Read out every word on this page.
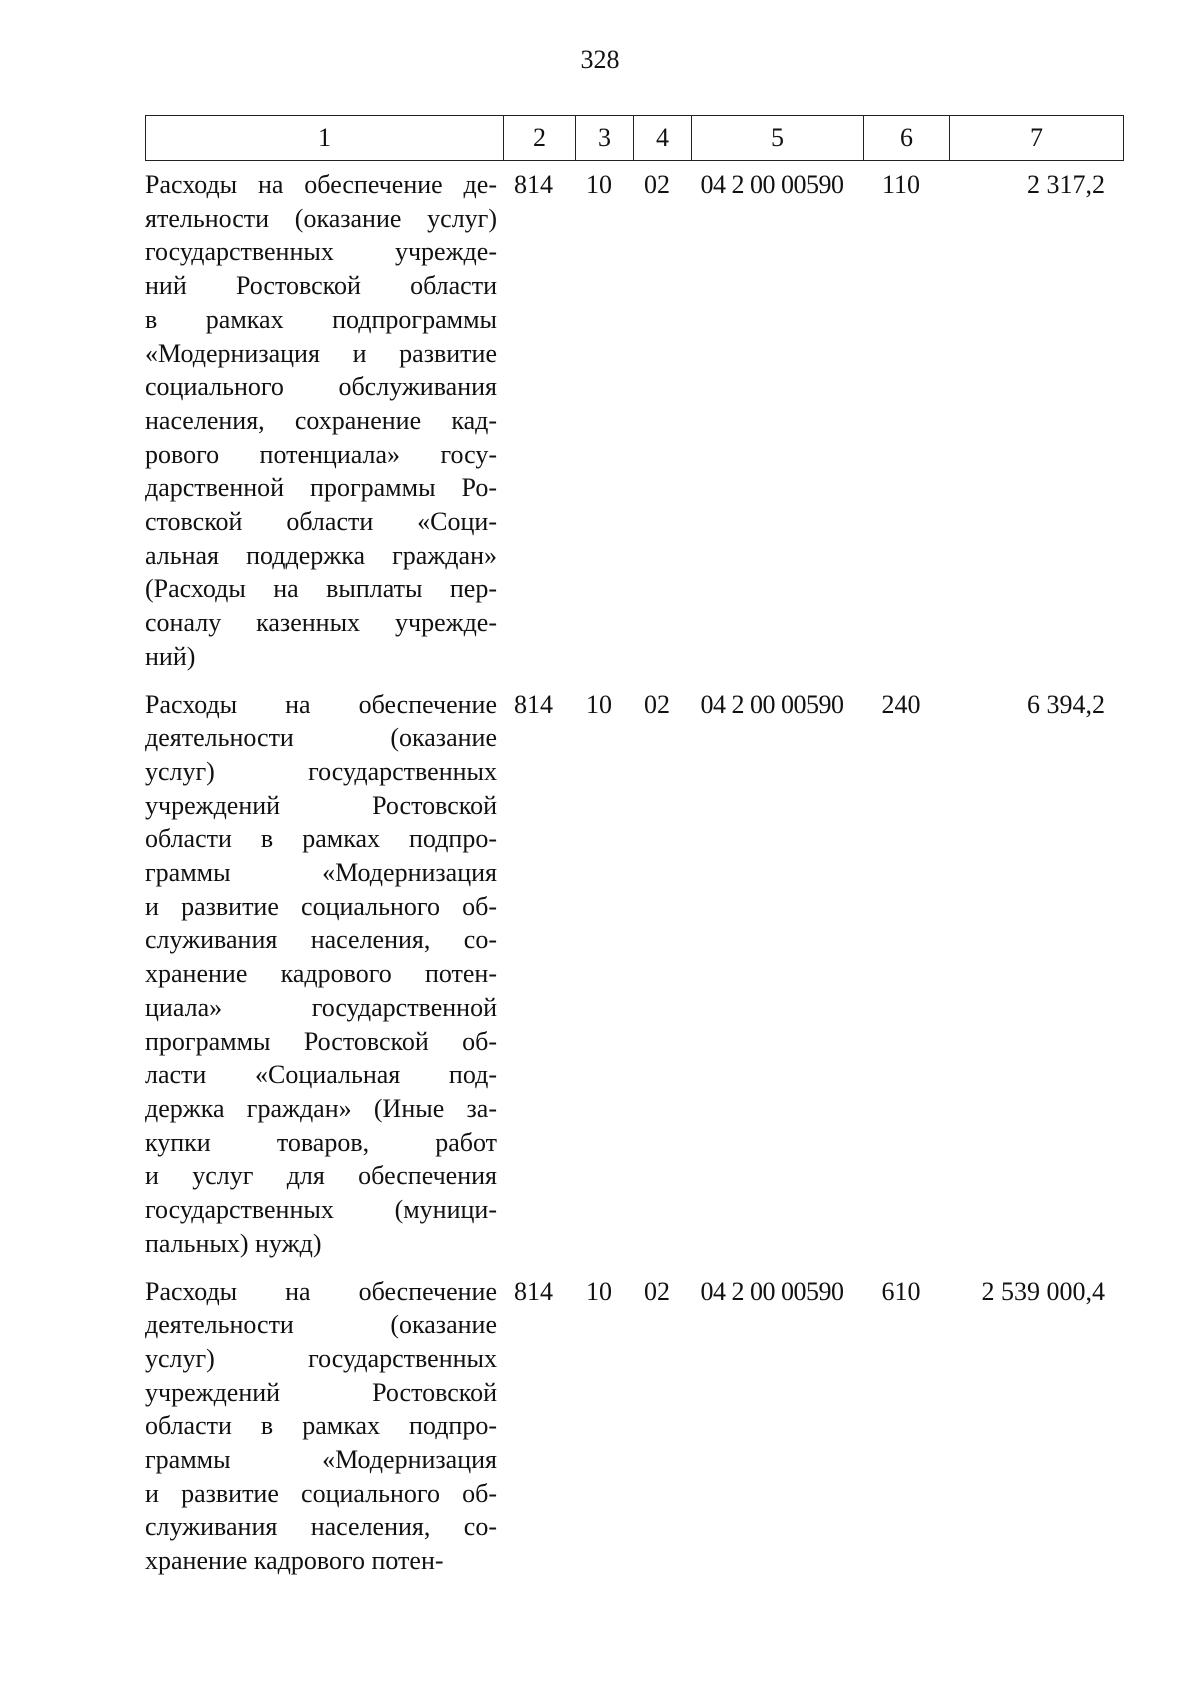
328
1	2	3	4	5	6	7
Расходы на обеспечение де-
ятельности (оказание услуг)
государственных учрежде-
ний Ростовской области
в рамках подпрограммы
«Модернизация и развитие
социального обслуживания
населения, сохранение кад-
рового потенциала» госу-
дарственной программы Ро-
стовской области «Соци-
альная поддержка граждан»
(Расходы на выплаты пер-
соналу казенных учрежде-
ний)
814	10	02	04 2 00 00590	110	2 317,2
Расходы на обеспечение
деятельности (оказание
услуг) государственных
учреждений Ростовской
области в рамках подпро-
граммы «Модернизация
и развитие социального об-
служивания населения, со-
хранение кадрового потен-
циала» государственной
программы Ростовской об-
ласти «Социальная под-
держка граждан» (Иные за-
купки товаров, работ
и услуг для обеспечения
государственных (муници-
пальных) нужд)
814	10	02	04 2 00 00590	240	6 394,2
Расходы на обеспечение
деятельности (оказание
услуг) государственных
учреждений Ростовской
области в рамках подпро-
граммы «Модернизация
и развитие социального об-
служивания населения, со-
хранение кадрового потен-
814	10	02	04 2 00 00590	610	2 539 000,4
